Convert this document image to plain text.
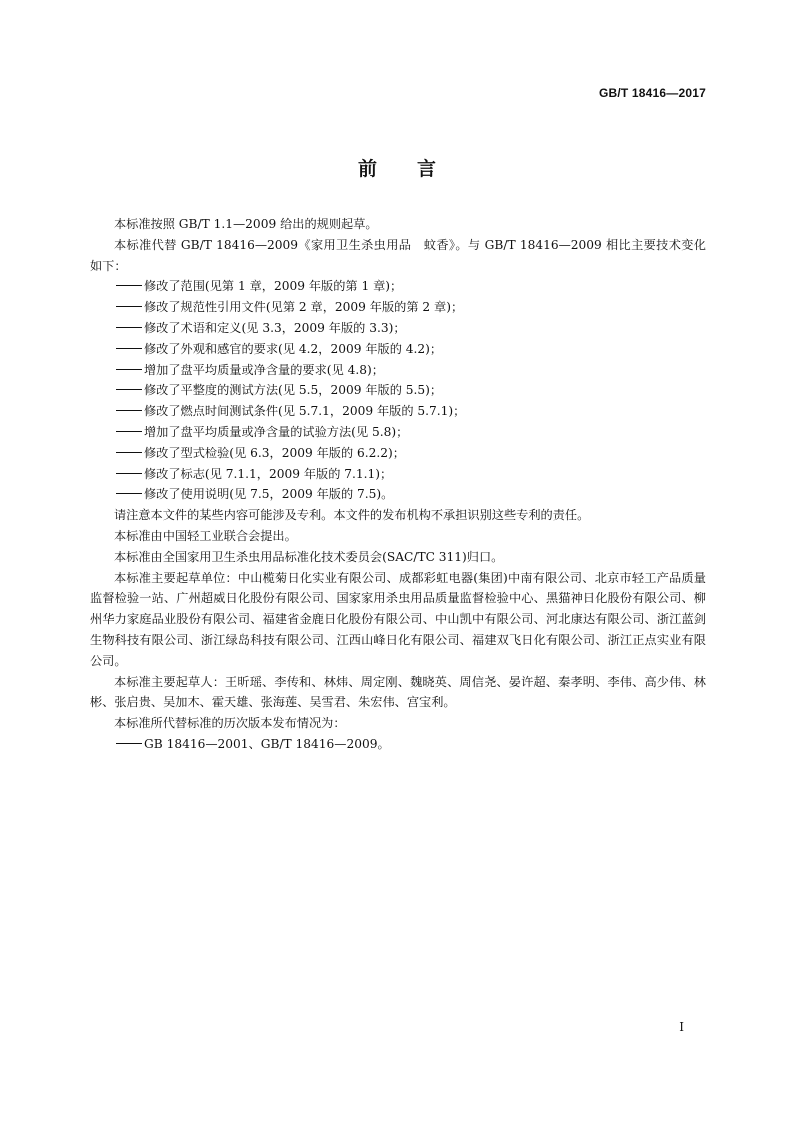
GB/T 18416—2017
前言

本标准按照 GB/T 1.1—2009 给出的规则起草。

本标准代替 GB/T 18416—2009《家用卫生杀虫用品　蚊香》。与 GB/T 18416—2009 相比主要技术变化如下：

修改了范围(见第 1 章，2009 年版的第 1 章)；
修改了规范性引用文件(见第 2 章，2009 年版的第 2 章)；
修改了术语和定义(见 3.3，2009 年版的 3.3)；
修改了外观和感官的要求(见 4.2，2009 年版的 4.2)；
增加了盘平均质量或净含量的要求(见 4.8)；
修改了平整度的测试方法(见 5.5，2009 年版的 5.5)；
修改了燃点时间测试条件(见 5.7.1，2009 年版的 5.7.1)；
增加了盘平均质量或净含量的试验方法(见 5.8)；
修改了型式检验(见 6.3，2009 年版的 6.2.2)；
修改了标志(见 7.1.1，2009 年版的 7.1.1)；
修改了使用说明(见 7.5，2009 年版的 7.5)。

请注意本文件的某些内容可能涉及专利。本文件的发布机构不承担识别这些专利的责任。

本标准由中国轻工业联合会提出。

本标准由全国家用卫生杀虫用品标准化技术委员会(SAC/TC 311)归口。

本标准主要起草单位：中山榄菊日化实业有限公司、成都彩虹电器(集团)中南有限公司、北京市轻工产品质量监督检验一站、广州超威日化股份有限公司、国家家用杀虫用品质量监督检验中心、黑猫神日化股份有限公司、柳州华力家庭品业股份有限公司、福建省金鹿日化股份有限公司、中山凯中有限公司、河北康达有限公司、浙江蓝剑生物科技有限公司、浙江绿岛科技有限公司、江西山峰日化有限公司、福建双飞日化有限公司、浙江正点实业有限公司。

本标准主要起草人：王昕瑶、李传和、林炜、周定刚、魏晓英、周信尧、晏许超、秦孝明、李伟、高少伟、林彬、张启贵、吴加木、霍天雄、张海莲、吴雪君、朱宏伟、宫宝利。

本标准所代替标准的历次版本发布情况为：

GB 18416—2001、GB/T 18416—2009。
I
